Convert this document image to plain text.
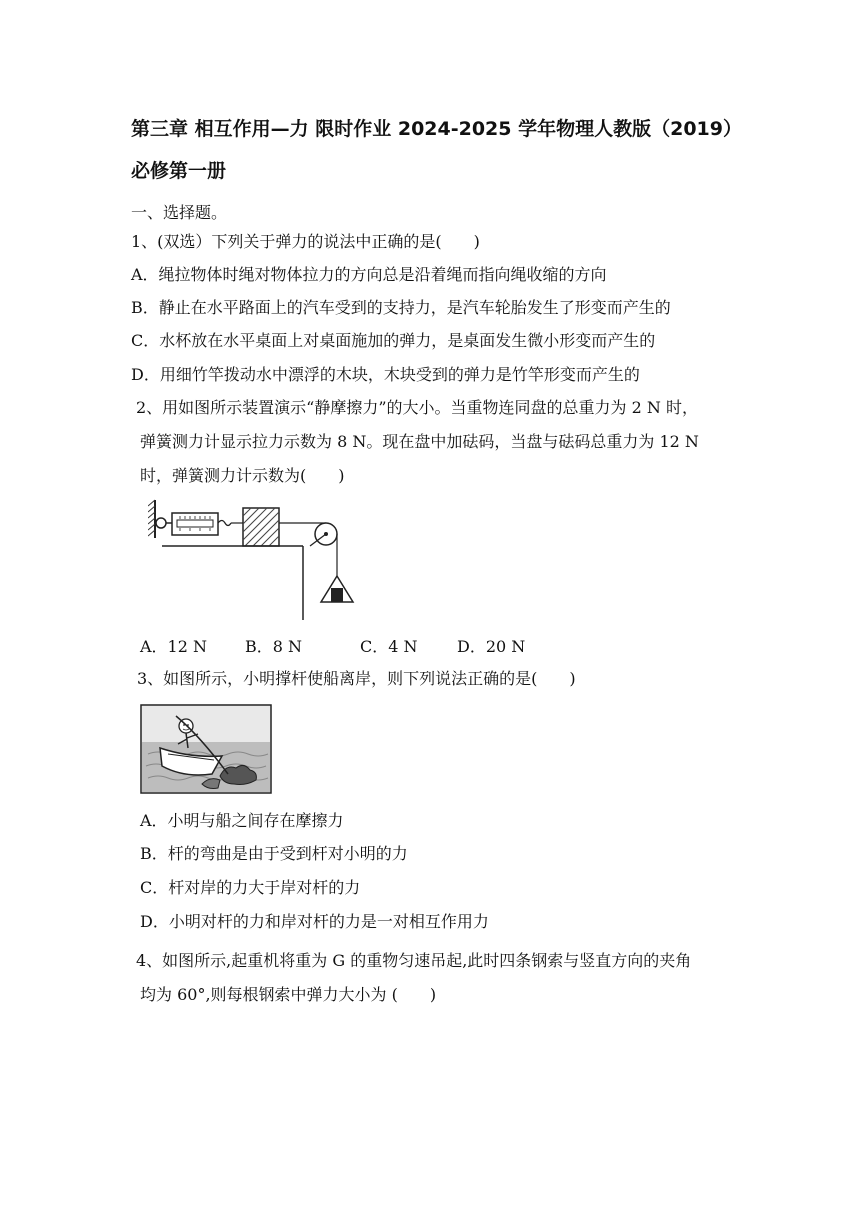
第三章 相互作用—力 限时作业 2024-2025 学年物理人教版（2019）
必修第一册
一、选择题。
1、(双选）下列关于弹力的说法中正确的是(　　)
A．绳拉物体时绳对物体拉力的方向总是沿着绳而指向绳收缩的方向
B．静止在水平路面上的汽车受到的支持力，是汽车轮胎发生了形变而产生的
C．水杯放在水平桌面上对桌面施加的弹力，是桌面发生微小形变而产生的
D．用细竹竿拨动水中漂浮的木块，木块受到的弹力是竹竿形变而产生的
2、用如图所示装置演示“静摩擦力”的大小。当重物连同盘的总重力为 2 N 时，
弹簧测力计显示拉力示数为 8 N。现在盘中加砝码，当盘与砝码总重力为 12 N
时，弹簧测力计示数为(　　)
A．12 N B．8 N	C．4 N D．20 N
3、如图所示，小明撑杆使船离岸，则下列说法正确的是(　　)
A．小明与船之间存在摩擦力
B．杆的弯曲是由于受到杆对小明的力
C．杆对岸的力大于岸对杆的力
D．小明对杆的力和岸对杆的力是一对相互作用力
4、如图所示,起重机将重为 G 的重物匀速吊起,此时四条钢索与竖直方向的夹角
均为 60°,则每根钢索中弹力大小为 (　　)
